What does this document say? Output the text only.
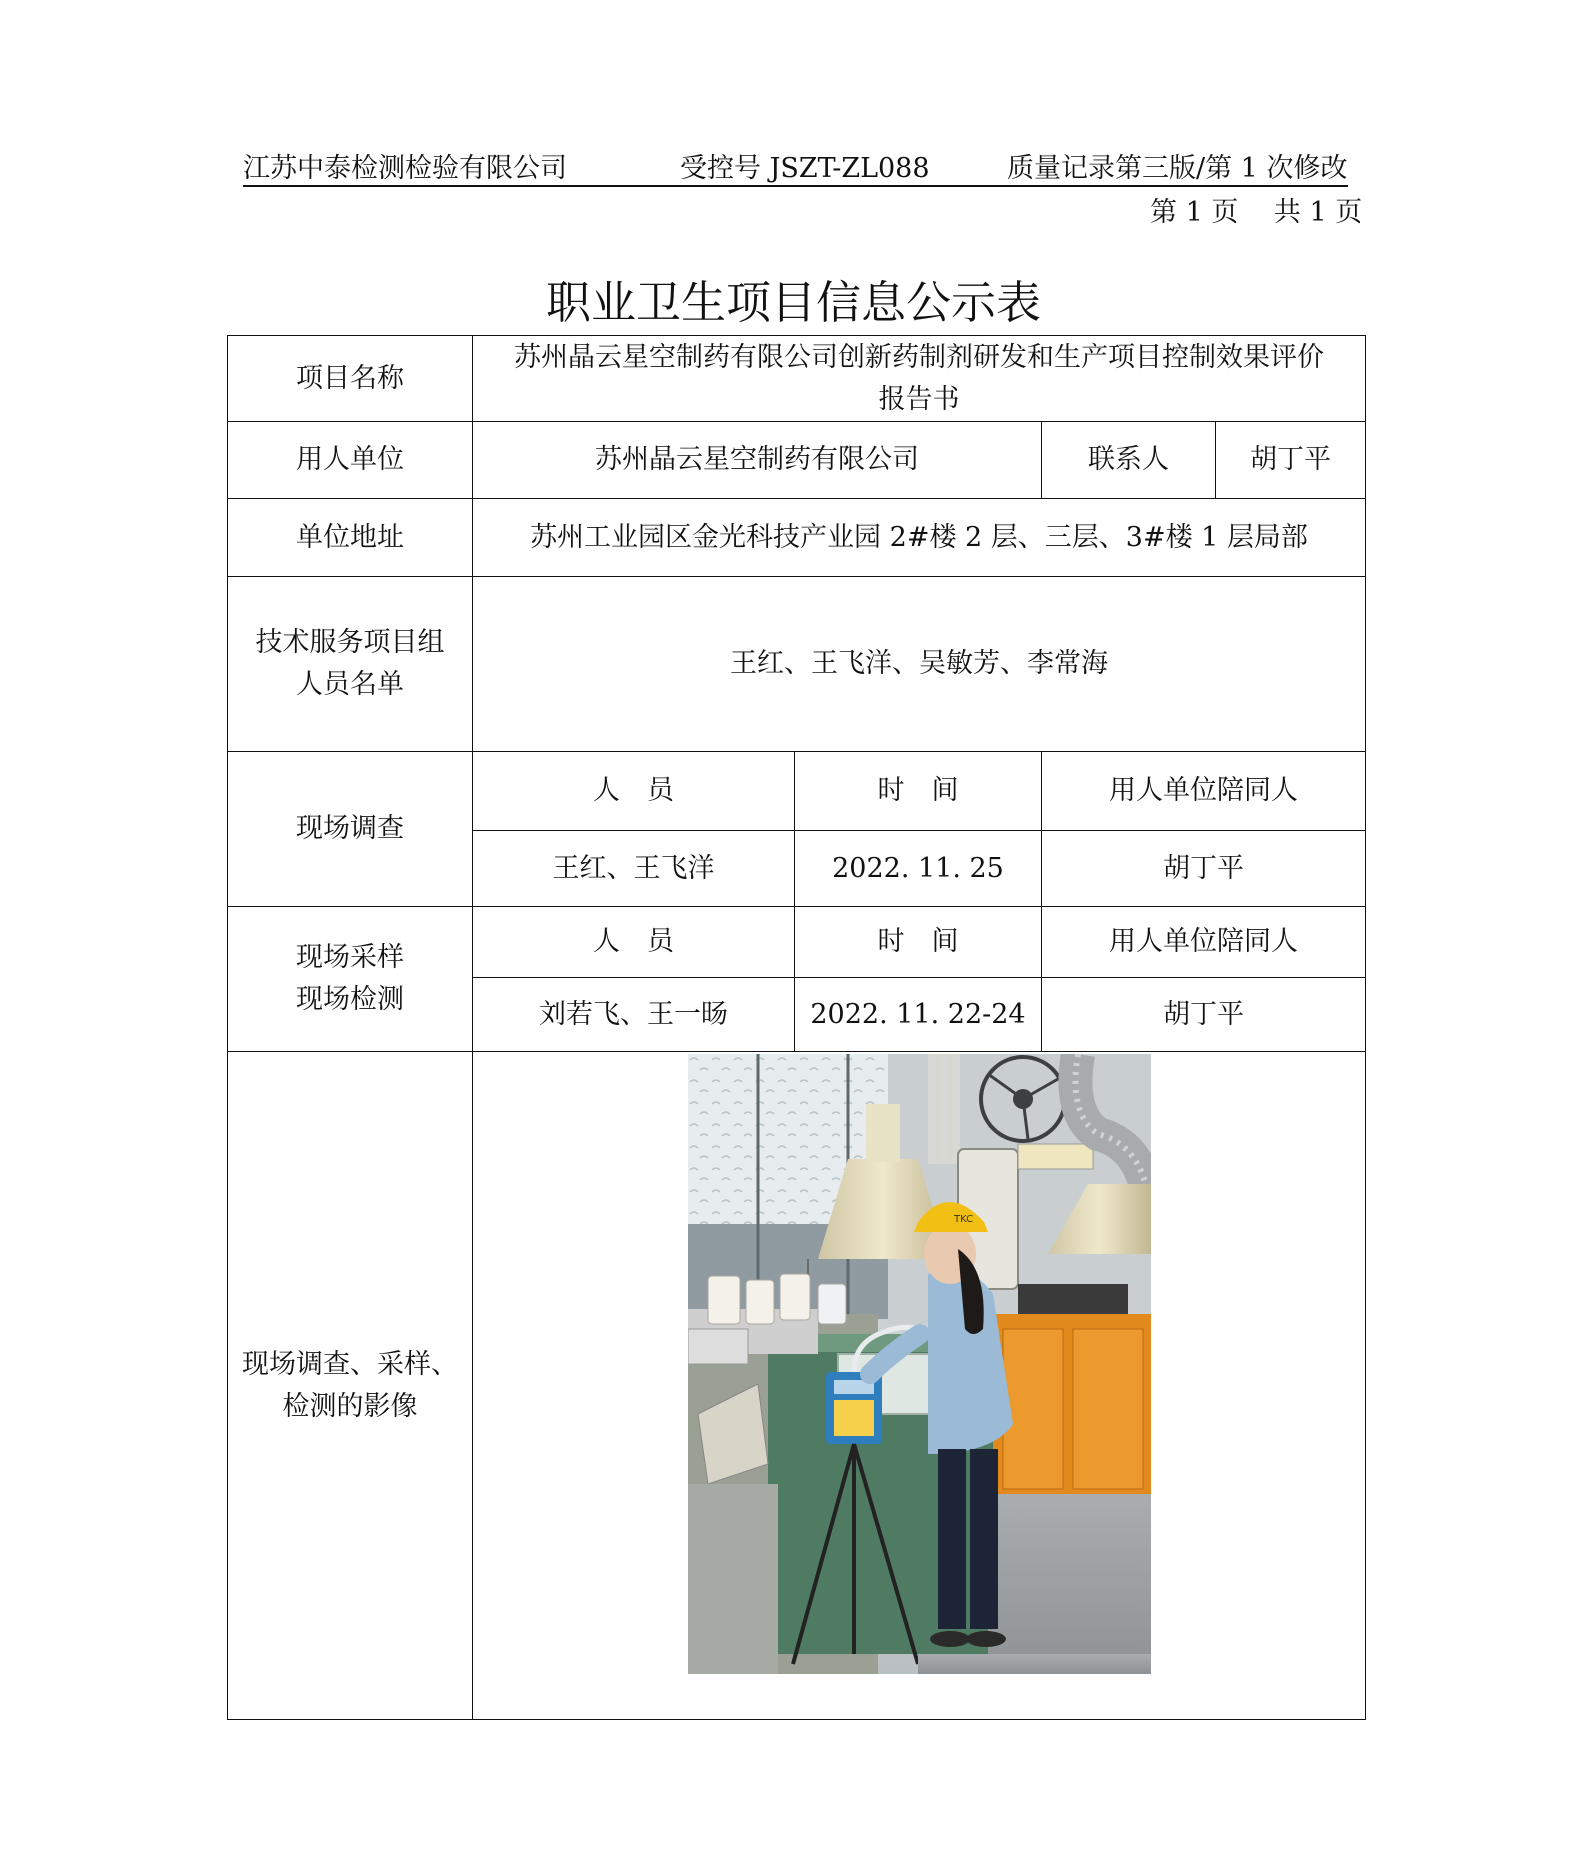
江苏中泰检测检验有限公司	受控号 JSZT-ZL088	质量记录第三版/第 1 次修改
第 1 页　 共 1 页
职业卫生项目信息公示表
项目名称	苏州晶云星空制药有限公司创新药制剂研发和生产项目控制效果评价
报告书			

用人单位	苏州晶云星空制药有限公司		联系人	胡丁平
单位地址	苏州工业园区金光科技产业园 2#楼 2 层、三层、3#楼 1 层局部			

技术服务项目组
人员名单	王红、王飞洋、吴敏芳、李常海			
现场调查	人　员	时　间	用人单位陪同人	
	王红、王飞洋	2022. 11. 25	胡丁平	

现场采样
现场检测	人　员	时　间	用人单位陪同人	
	刘若飞、王一旸	2022. 11. 22-24	胡丁平	

现场调查、采样、
检测的影像	TKC			
